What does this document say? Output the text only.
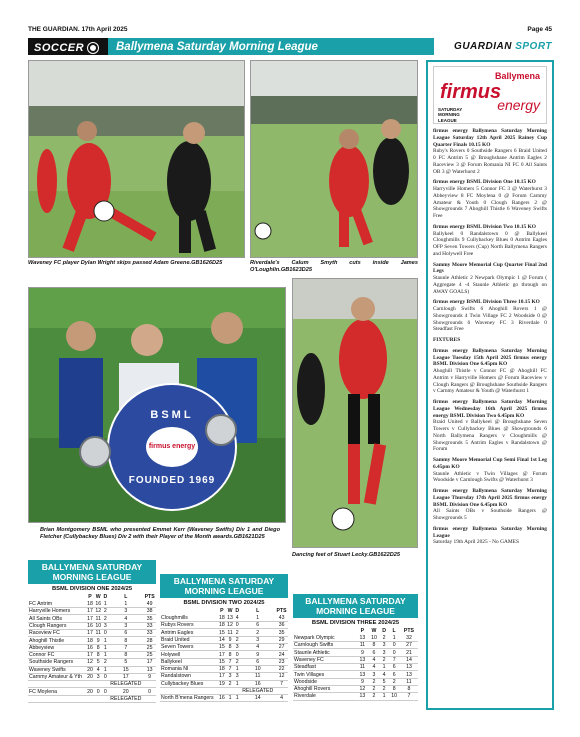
THE GUARDIAN. 17th April 2025	Page 45
SOCCER	Ballymena Saturday Morning League	GUARDIAN
SPORT
Waveney FC player Dylan Wright skips passed Adam Greene.GB1626D25	Riverdale's Calum Smyth cuts inside James O'Loughlin.GB1623D25
BSML
firmus energy
FOUNDED 1969
Brian Montgomery BSML who presented Emmet Kerr (Waveney Swifts) Div 1 and Diego Fletcher (Cullybackey Blues) Div 2 with their Player of the Month awards.GB1621D25
Dancing feet of Stuart Lecky.GB1622D25
Ballymena
firmus
energy
SATURDAY MORNING LEAGUE

firmus energy Ballymena Saturday Morning League Saturday 12th April 2025 Rainey Cup Quarter Finals 10.15 KO

Ruby's Rovers 0 Southside Rangers 6 Braid United 0 FC Antrim 5 @ Broughshane Antrim Eagles 2 Raceview 3 @ Forum Romania NI FC 0 All Saints OB 3 @ Waterhurst 2

firmus energy BSML Division One 10.15 KO

Harryville Homers 5 Connor FC 3 @ Waterhurst 3 Abbeyview 8 FC Moylena 0 @ Forum Carnmy Amateur & Youth 0 Clough Rangers 2 @ Showgrounds 7 Ahoghill Thistle 6 Waveney Swifts Free

firmus energy BSML Division Two 10.15 KO

Ballykeel 0 Randalstown 0 @ Ballykeel Cloughmills 9 Cullybackey Blues 0 Antrim Eagles OFP Seven Towers (Cup) North Ballymena Rangers and Holywell Free

Sammy Moore Memorial Cup Quarter Final 2nd Legs

Staunle Athletic 2 Newpark Olympic 1 @ Forum ( Aggregate 4 -4 Staunle Athletic go through on AWAY GOALS)

firmus energy BSML Division Three 10.15 KO

Carnlough Swifts 6 Ahoghill Rovers 1 @ Showgrounds 4 Twin Village FC 2 Woodside 0 @ Showgrounds 6 Waveney FC 3 Riverdale 0 Steadfast Free

FIXTURES

firmus energy Ballymena Saturday Morning League Tuesday 15th April 2025 firmus energy BSML Division One 6.45pm KO

Ahoghill Thistle v Connor FC @ Ahoghill FC Antrim v Harryville Homers @ Forum Raceview v Clough Rangers @ Broughshane Southside Rangers v Carnmy Amateur & Youth @ Waterhurst 1

firmus energy Ballymena Saturday Morning League Wednesday 16th April 2025 firmus energy BSML Division Two 6.45pm KO

Braid United v Ballykeel @ Broughshane Seven Towers v Cullybackey Blues @ Showgrounds 6 North Ballymena Rangers v Cloughmills @ Showgrounds 5 Antrim Eagles v Randalstown @ Forum

Sammy Moore Memorial Cup Semi Final 1st Leg 6.45pm KO

Staunle Athletic v Twin Villages @ Forum Woodside v Carnlough Swifts @ Waterhurst 3

firmus energy Ballymena Saturday Morning League Thursday 17th April 2025 firmus energy BSML Division One 6.45pm KO

All Saints OBs v Southside Rangers @ Showgrounds 5

firmus energy Ballymena Saturday Morning League

Saturday 19th April 2025 - No GAMES

BALLYMENA SATURDAY
MORNING LEAGUE
BSML DIVISION ONE 2024/25
	P	W	D	L	PTS
FC Antrim	18	16	1	1	49
Harryville Homers	17	12	2	3	38
All Saints OBs	17	11	2	4	35
Clough Rangers	16	10	3	3	33
Raceview FC	17	11	0	6	33
Ahoghill Thistle	18	9	1	8	28
Abbeyview	16	8	1	7	25
Connor FC	17	8	1	8	25
Southside Rangers	12	5	2	5	17
Waveney Swifts	20	4	1	15	13
Carnmy Amateur & Yth	20	3	0	17	9
				RELEGATED	
FC Moylena	20	0	0	20	0
				RELEGATED	
BALLYMENA SATURDAY
MORNING LEAGUE
BSML DIVISION TWO 2024/25
	P	W	D	L	PTS
Cloughmills	18	13	4	1	43
Rubys Rovers	18	12	0	6	36
Antrim Eagles	15	11	2	2	35
Braid United	14	9	2	3	29
Seven Towers	15	8	3	4	27
Holywell	17	8	0	9	24
Ballykeel	15	7	2	6	23
Romania NI	18	7	1	10	22
Randalstown	17	3	3	11	12
Cullybackey Blues	19	2	1	16	7
				RELEGATED	
North B'mena Rangers	16	1	1	14	4
BALLYMENA SATURDAY
MORNING LEAGUE
BSML DIVISION THREE 2024/25
	P	W	D	L	PTS
Newpark Olympic	13	10	2	1	32
Carnlough Swifts	11	8	3	0	27
Staunle Athletic	9	6	3	0	21
Waveney FC	13	4	2	7	14
Steadfast	11	4	1	6	13
Twin Villages	13	3	4	6	13
Woodside	9	2	5	2	11
Ahoghill Rovers	12	2	2	8	8
Riverdale	13	2	1	10	7
